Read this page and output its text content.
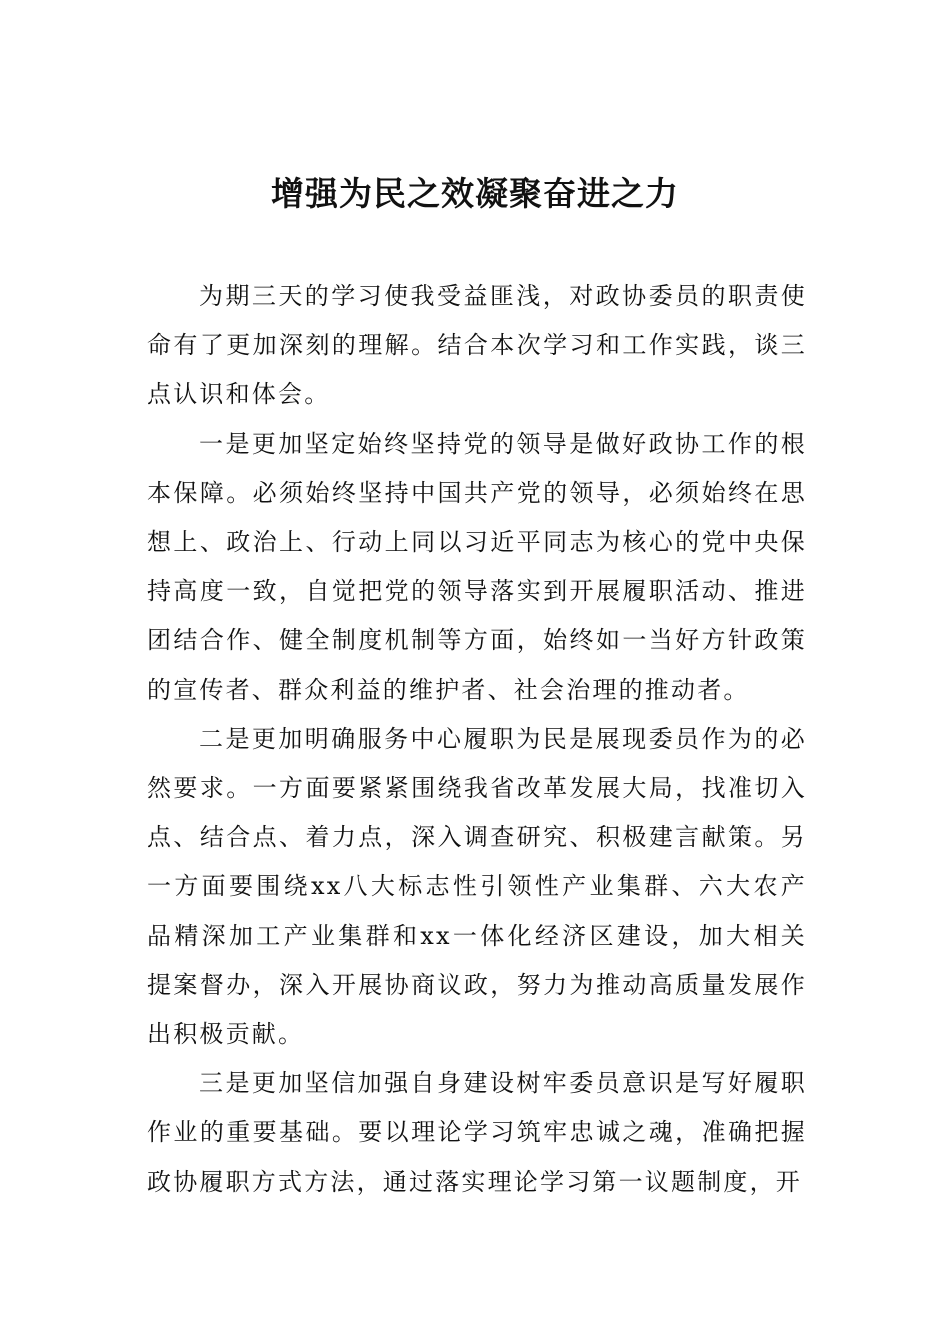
增强为民之效凝聚奋进之力

为期三天的学习使我受益匪浅，对政协委员的职责使命有了更加深刻的理解。结合本次学习和工作实践，谈三点认识和体会。

一是更加坚定始终坚持党的领导是做好政协工作的根本保障。必须始终坚持中国共产党的领导，必须始终在思想上、政治上、行动上同以习近平同志为核心的党中央保持高度一致，自觉把党的领导落实到开展履职活动、推进团结合作、健全制度机制等方面，始终如一当好方针政策的宣传者、群众利益的维护者、社会治理的推动者。

二是更加明确服务中心履职为民是展现委员作为的必然要求。一方面要紧紧围绕我省改革发展大局，找准切入点、结合点、着力点，深入调查研究、积极建言献策。另一方面要围绕xx八大标志性引领性产业集群、六大农产品精深加工产业集群和xx一体化经济区建设，加大相关提案督办，深入开展协商议政，努力为推动高质量发展作出积极贡献。

三是更加坚信加强自身建设树牢委员意识是写好履职作业的重要基础。要以理论学习筑牢忠诚之魂，准确把握政协履职方式方法，通过落实理论学习第一议题制度，开
